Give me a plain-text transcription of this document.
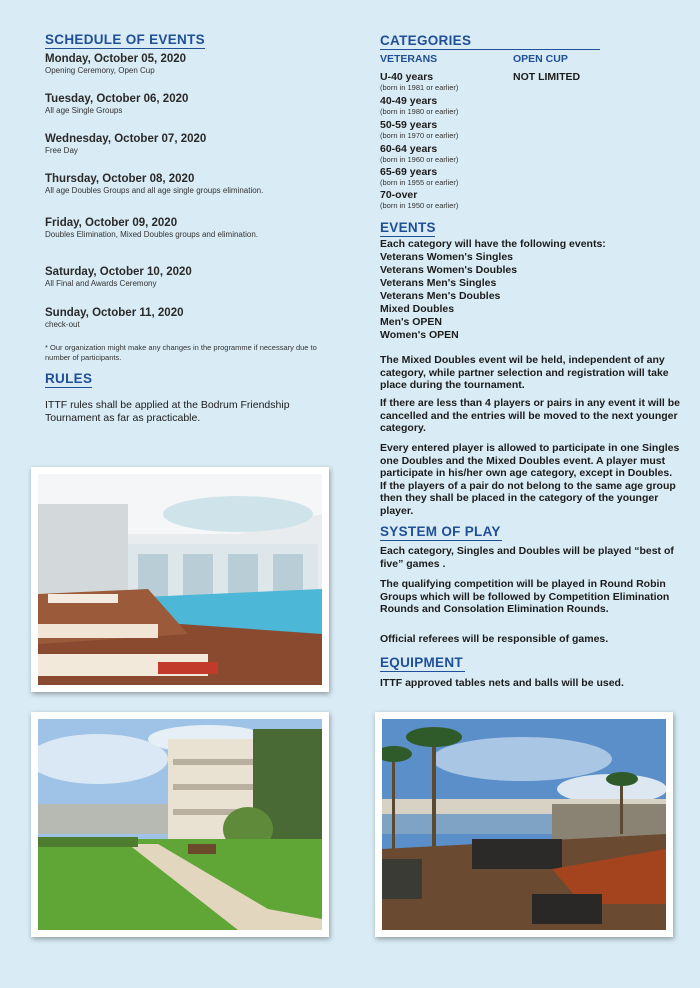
SCHEDULE OF EVENTS
Monday, October 05, 2020
Opening Ceremony, Open Cup
Tuesday, October 06, 2020
All age Single Groups
Wednesday, October 07, 2020
Free Day
Thursday, October 08, 2020
All age Doubles Groups and all age single groups elimination.
Friday, October 09, 2020
Doubles Elimination, Mixed Doubles groups and elimination.
Saturday, October 10, 2020
All Final and Awards Ceremony
Sunday, October 11, 2020
check-out
* Our organization might make any changes in the programme if necessary due to number of participants.
RULES
ITTF rules shall be applied at the Bodrum Friendship Tournament as far as practicable.
CATEGORIES
VETERANS	OPEN CUP
NOT LIMITED
U-40 years
(born in 1981 or earlier)
40-49 years
(born in 1980 or earlier)
50-59 years
(born in 1970 or earlier)
60-64 years
(born in 1960 or earlier)
65-69 years
(born in 1955 or earlier)
70-over
(born in 1950 or earlier)
EVENTS
Each category will have the following events:
Veterans Women's Singles
Veterans Women's Doubles
Veterans Men's Singles
Veterans Men's Doubles
Mixed Doubles
Men's OPEN
Women's OPEN
The Mixed Doubles event wil be held, independent of any category, while partner selection and registration will take place during the tournament.
If there are less than 4 players or pairs in any event it will be cancelled and the entries will be moved to the next younger category.
Every entered player is allowed to participate in one Singles one Doubles and the Mixed Doubles event. A player must participate in his/her own age category, except in Doubles. If the players of a pair do not belong to the same age group then they shall be placed in the category of the younger player.
SYSTEM OF PLAY
Each category, Singles and Doubles will be played “best of five” games .
The qualifying competition will be played in Round Robin Groups which will be followed by Competition Elimination Rounds and Consolation Elimination Rounds.
Official referees will be responsible of games.
EQUIPMENT
ITTF approved tables nets and balls will be used.
